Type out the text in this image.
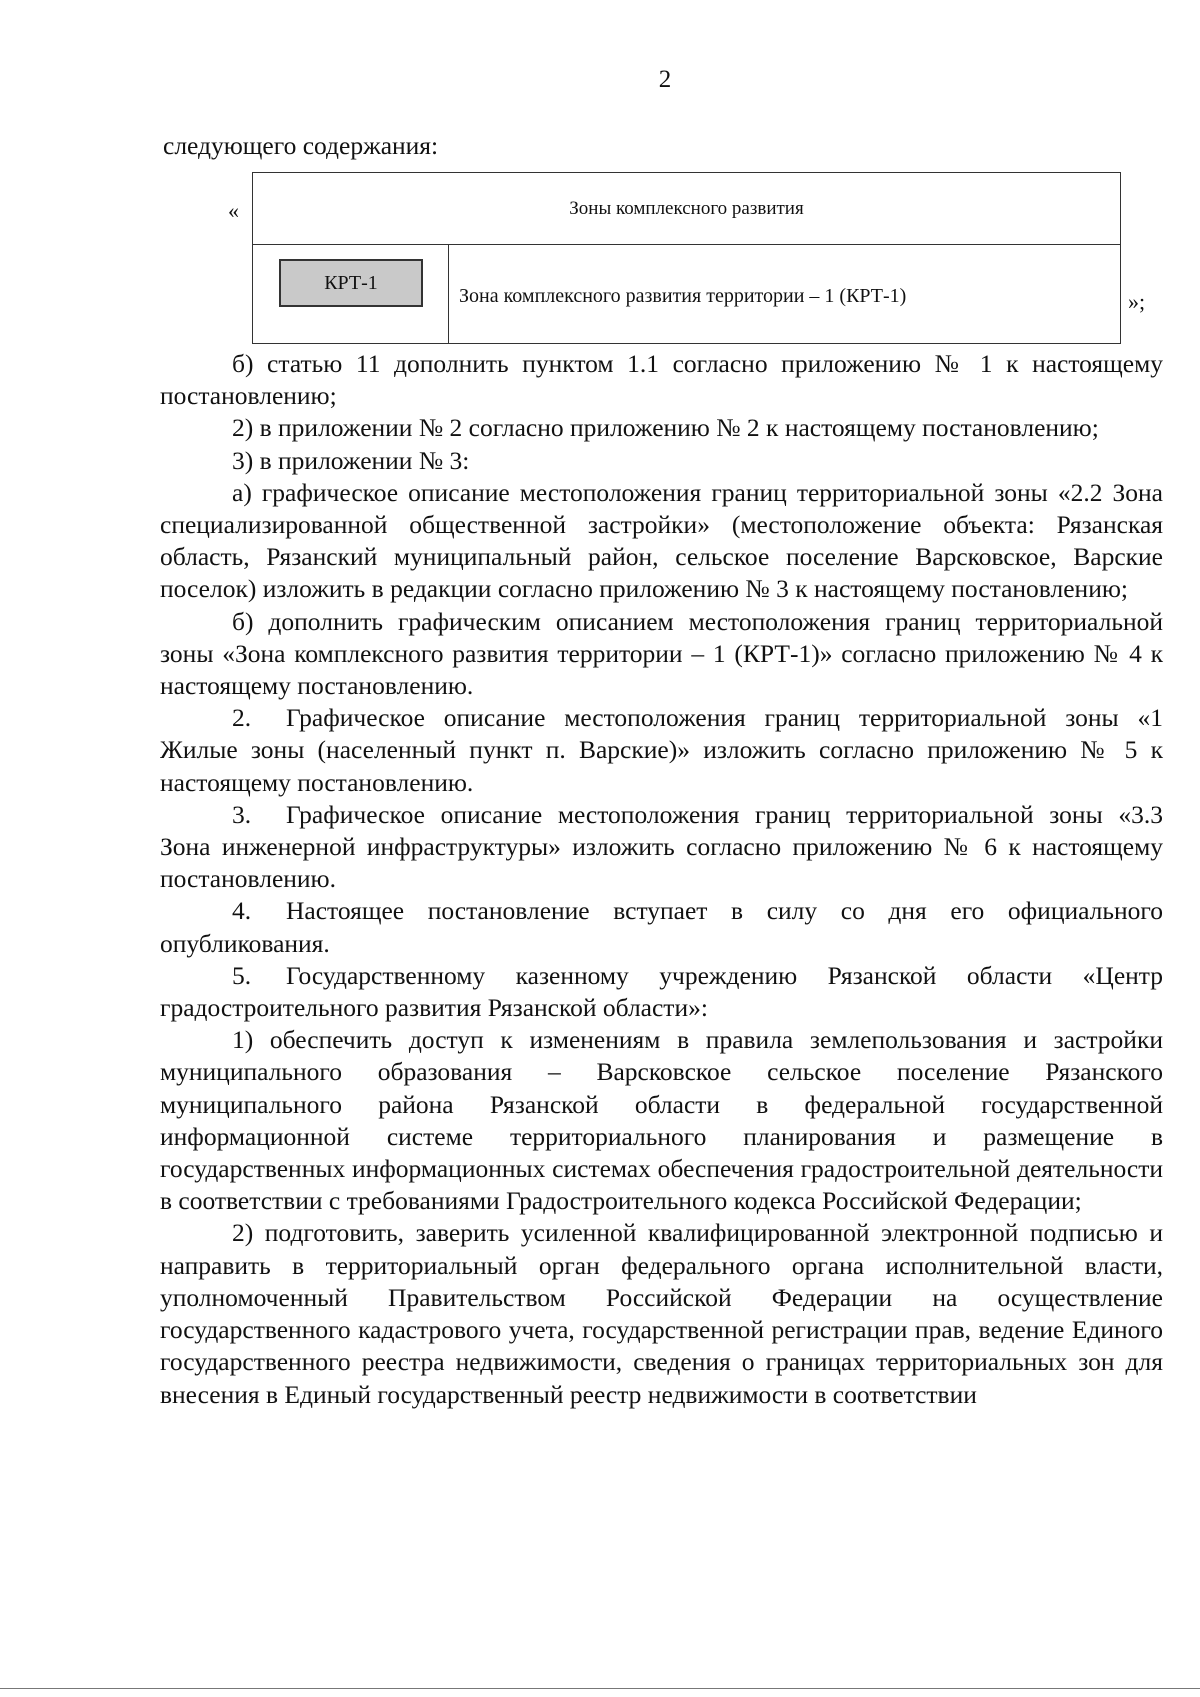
2
следующего содержания:
«	Зоны комплексного развития
КРТ-1
Зона комплексного развития территории – 1 (КРТ-1)	»;

б) статью 11 дополнить пунктом 1.1 согласно приложению № 1 к настоящему постановлению;

2) в приложении № 2 согласно приложению № 2 к настоящему постановлению;

3) в приложении № 3:

а) графическое описание местоположения границ территориальной зоны «2.2 Зона специализированной общественной застройки» (местоположение объекта: Рязанская область, Рязанский муниципальный район, сельское поселение Варсковское, Варские поселок) изложить в редакции согласно приложению № 3 к настоящему постановлению;

б) дополнить графическим описанием местоположения границ территориальной зоны «Зона комплексного развития территории – 1 (КРТ-1)» согласно приложению № 4 к настоящему постановлению.

2. Графическое описание местоположения границ территориальной зоны «1 Жилые зоны (населенный пункт п. Варские)» изложить согласно приложению № 5 к настоящему постановлению.

3. Графическое описание местоположения границ территориальной зоны «3.3 Зона инженерной инфраструктуры» изложить согласно приложению № 6 к настоящему постановлению.

4. Настоящее постановление вступает в силу со дня его официального опубликования.

5. Государственному казенному учреждению Рязанской области «Центр градостроительного развития Рязанской области»:

1) обеспечить доступ к изменениям в правила землепользования и застройки муниципального образования – Варсковское сельское поселение Рязанского муниципального района Рязанской области в федеральной государственной информационной системе территориального планирования и размещение в государственных информационных системах обеспечения градостроительной деятельности в соответствии с требованиями Градостроительного кодекса Российской Федерации;

2) подготовить, заверить усиленной квалифицированной электронной подписью и направить в территориальный орган федерального органа исполнительной власти, уполномоченный Правительством Российской Федерации на осуществление государственного кадастрового учета, государственной регистрации прав, ведение Единого государственного реестра недвижимости, сведения о границах территориальных зон для внесения в Единый государственный реестр недвижимости в соответствии
